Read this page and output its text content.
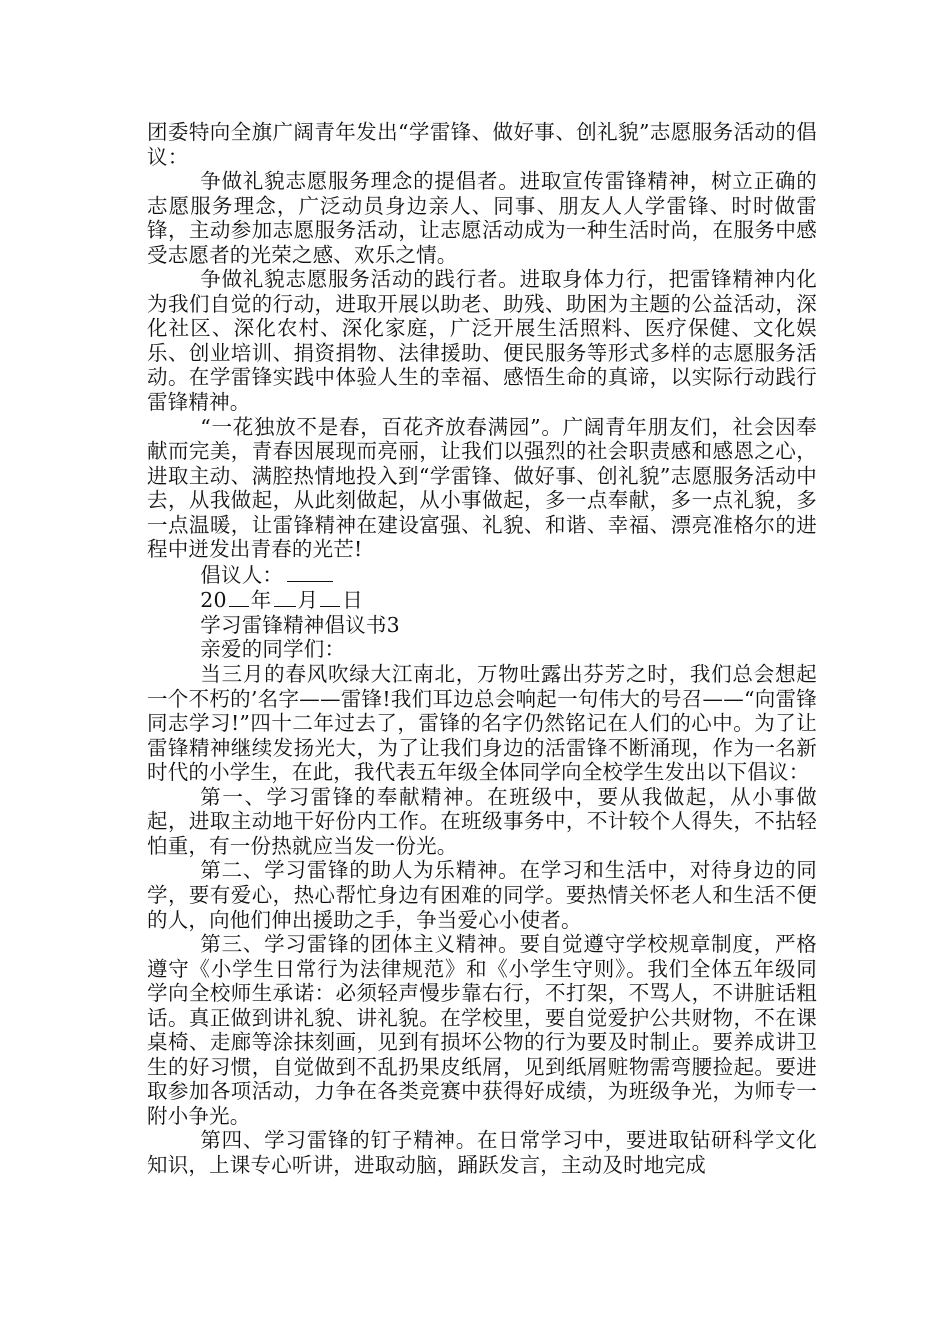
团委特向全旗广阔青年发出“学雷锋、做好事、创礼貌”志愿服务活动的倡议：

争做礼貌志愿服务理念的提倡者。进取宣传雷锋精神，树立正确的志愿服务理念，广泛动员身边亲人、同事、朋友人人学雷锋、时时做雷锋，主动参加志愿服务活动，让志愿活动成为一种生活时尚，在服务中感受志愿者的光荣之感、欢乐之情。

争做礼貌志愿服务活动的践行者。进取身体力行，把雷锋精神内化为我们自觉的行动，进取开展以助老、助残、助困为主题的公益活动，深化社区、深化农村、深化家庭，广泛开展生活照料、医疗保健、文化娱乐、创业培训、捐资捐物、法律援助、便民服务等形式多样的志愿服务活动。在学雷锋实践中体验人生的幸福、感悟生命的真谛，以实际行动践行雷锋精神。

“一花独放不是春，百花齐放春满园”。广阔青年朋友们，社会因奉献而完美，青春因展现而亮丽，让我们以强烈的社会职责感和感恩之心，进取主动、满腔热情地投入到“学雷锋、做好事、创礼貌”志愿服务活动中去，从我做起，从此刻做起，从小事做起，多一点奉献，多一点礼貌，多一点温暖，让雷锋精神在建设富强、礼貌、和谐、幸福、漂亮准格尔的进程中迸发出青春的光芒!

倡议人：

20 年 月 日

学习雷锋精神倡议书3

亲爱的同学们：

当三月的春风吹绿大江南北，万物吐露出芬芳之时，我们总会想起一个不朽的’名字——雷锋!我们耳边总会响起一句伟大的号召——“向雷锋同志学习!”四十二年过去了，雷锋的名字仍然铭记在人们的心中。为了让雷锋精神继续发扬光大，为了让我们身边的活雷锋不断涌现，作为一名新时代的小学生，在此，我代表五年级全体同学向全校学生发出以下倡议：

第一、学习雷锋的奉献精神。在班级中，要从我做起，从小事做起，进取主动地干好份内工作。在班级事务中，不计较个人得失，不拈轻怕重，有一份热就应当发一份光。

第二、学习雷锋的助人为乐精神。在学习和生活中，对待身边的同学，要有爱心，热心帮忙身边有困难的同学。要热情关怀老人和生活不便的人，向他们伸出援助之手，争当爱心小使者。

第三、学习雷锋的团体主义精神。要自觉遵守学校规章制度，严格遵守《小学生日常行为法律规范》和《小学生守则》。我们全体五年级同学向全校师生承诺：必须轻声慢步靠右行，不打架，不骂人，不讲脏话粗话。真正做到讲礼貌、讲礼貌。在学校里，要自觉爱护公共财物，不在课桌椅、走廊等涂抹刻画，见到有损坏公物的行为要及时制止。要养成讲卫生的好习惯，自觉做到不乱扔果皮纸屑，见到纸屑赃物需弯腰捡起。要进取参加各项活动，力争在各类竞赛中获得好成绩，为班级争光，为师专一附小争光。

第四、学习雷锋的钉子精神。在日常学习中，要进取钻研科学文化知识，上课专心听讲，进取动脑，踊跃发言，主动及时地完成
